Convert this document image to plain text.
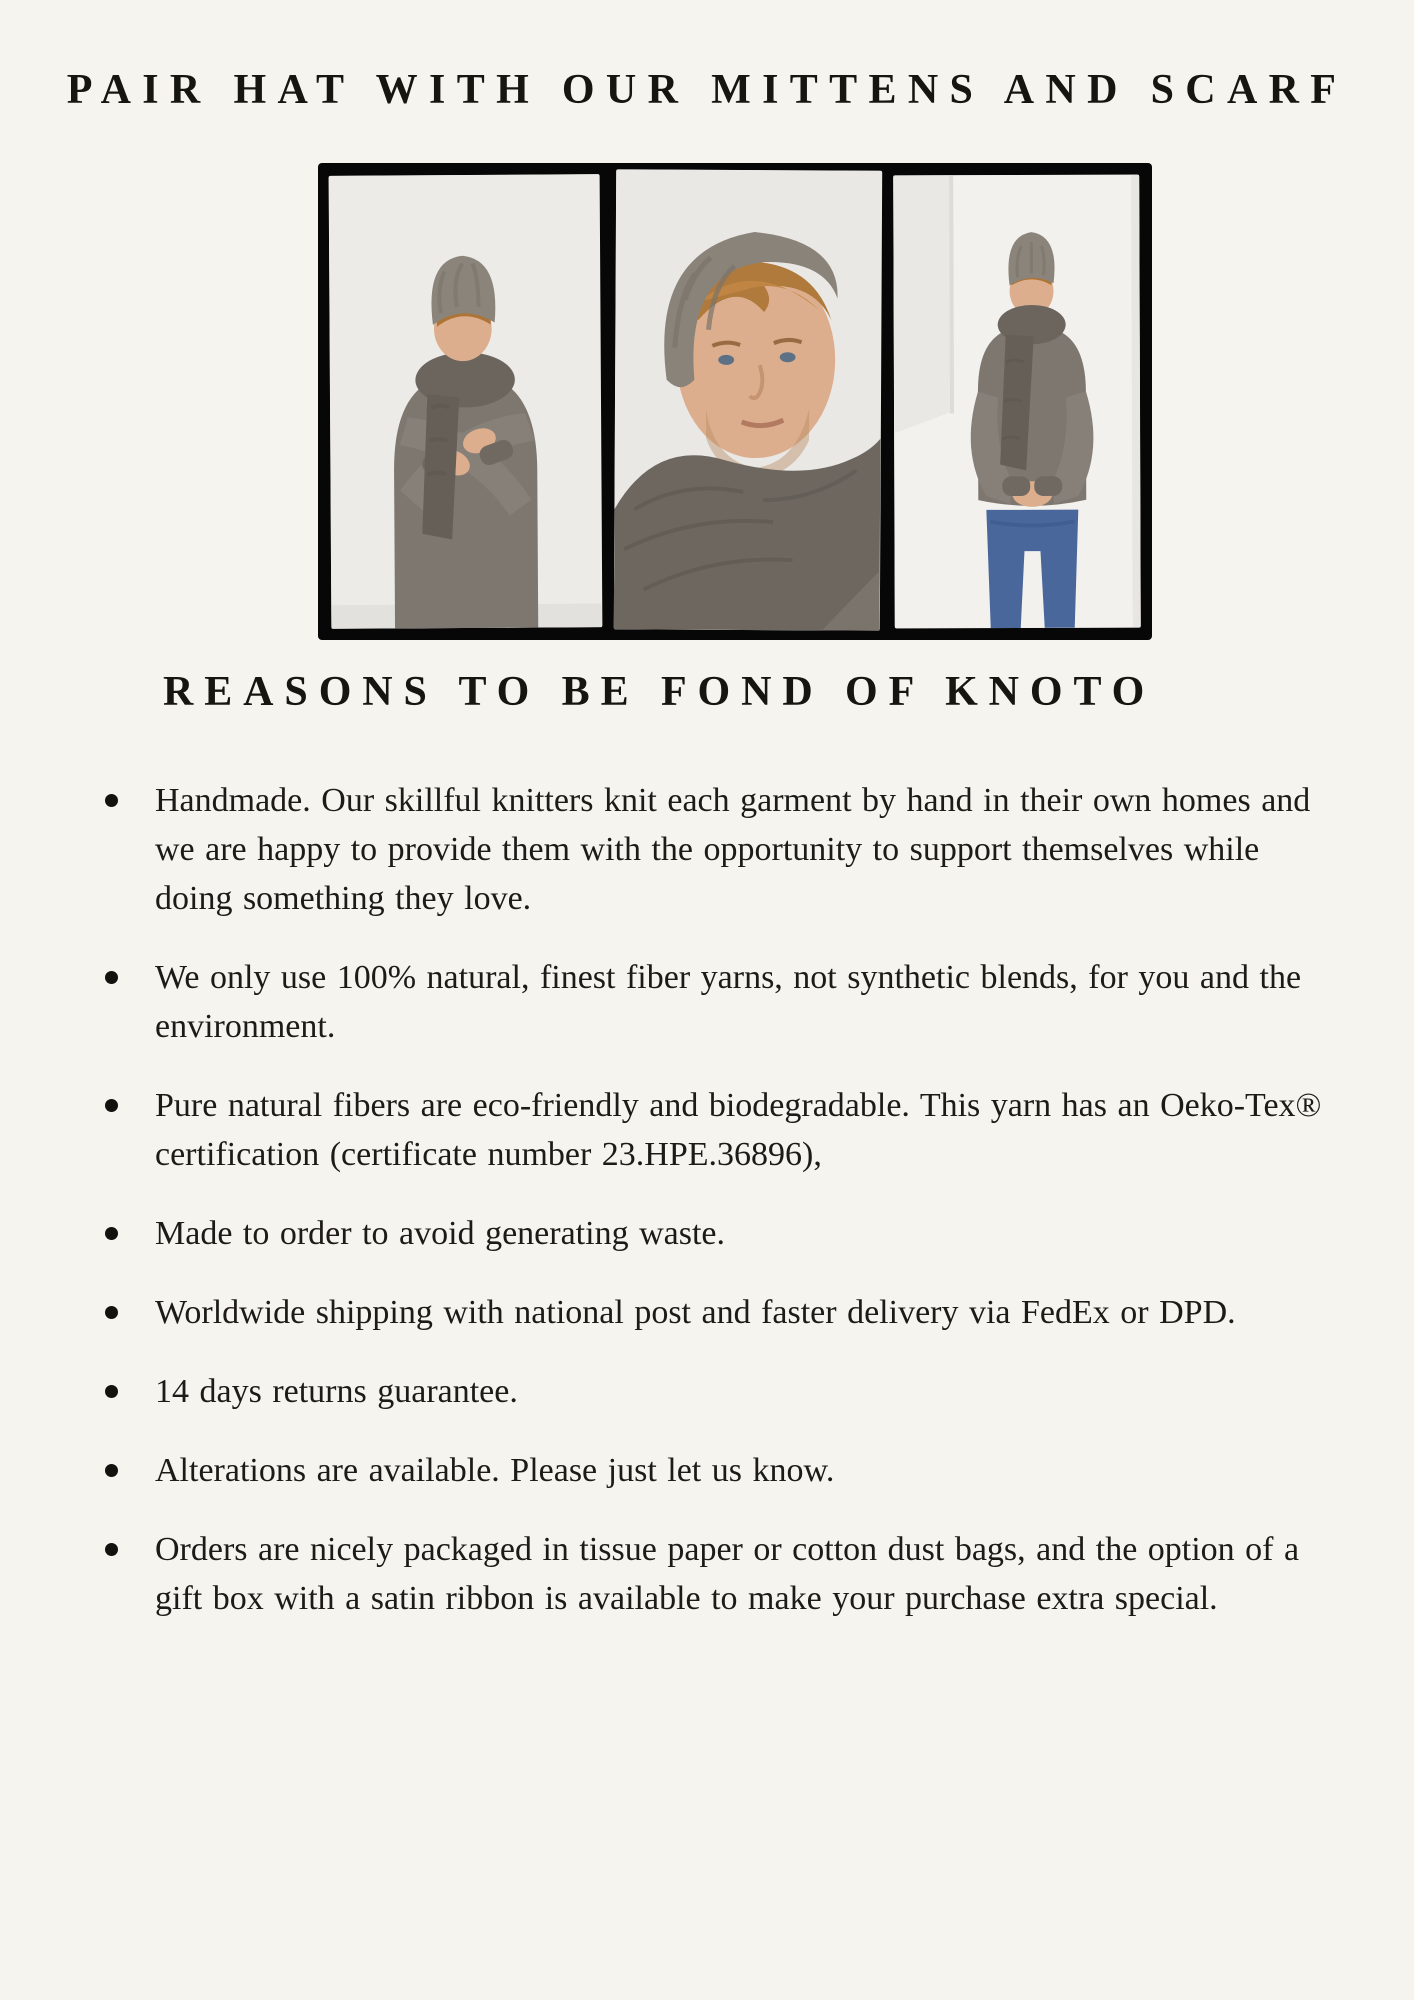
PAIR HAT WITH OUR MITTENS AND SCARF
REASONS TO BE FOND OF KNOTO
Handmade. Our skillful knitters knit each garment by hand in their own homes and we are happy to provide them with the opportunity to support themselves while doing something they love.
We only use 100% natural, finest fiber yarns, not synthetic blends, for you and the environment.
Pure natural fibers are eco-friendly and biodegradable. This yarn has an Oeko-Tex® certification (certificate number 23.HPE.36896),
Made to order to avoid generating waste.
Worldwide shipping with national post and faster delivery via FedEx or DPD.
14 days returns guarantee.
Alterations are available. Please just let us know.
Orders are nicely packaged in tissue paper or cotton dust bags, and the option of a gift box with a satin ribbon is available to make your purchase extra special.
